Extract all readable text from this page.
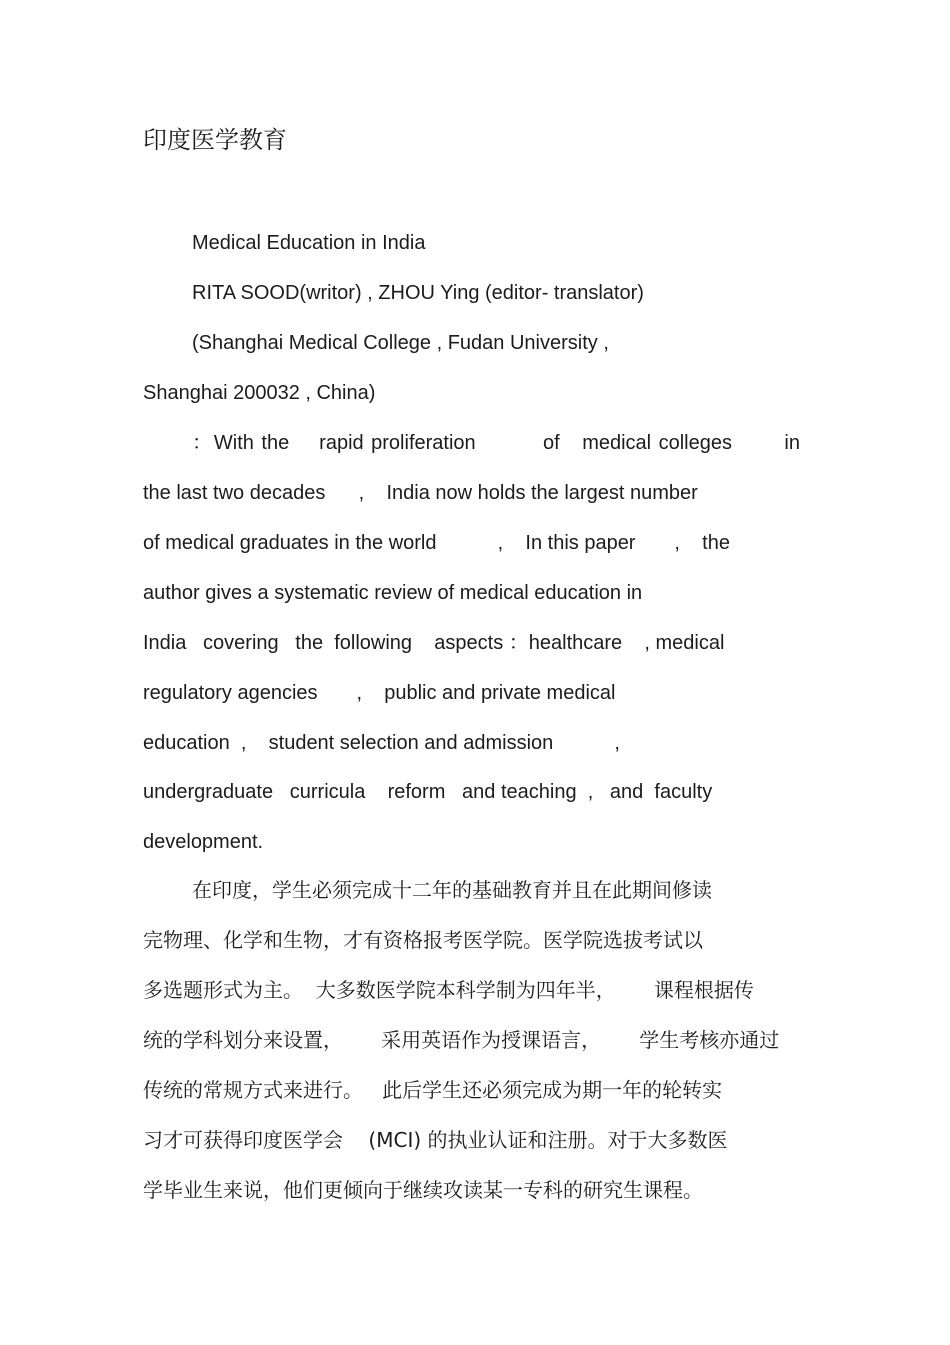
印度医学教育
Medical Education in India
RITA SOOD(writor) , ZHOU Ying (editor- translator)
(Shanghai Medical College , Fudan University ,
Shanghai 200032 , China)
：With the    rapid proliferation         of   medical colleges       in
the last two decades      ,    India now holds the largest number
of medical graduates in the world           ,    In this paper       ,    the
author gives a systematic review of medical education in
India   covering   the  following    aspects ：healthcare    , medical
regulatory agencies       ,    public and private medical
education  ,    student selection and admission           ,
undergraduate   curricula    reform   and teaching  ,   and  faculty
development.
在印度，学生必须完成十二年的基础教育并且在此期间修读
完物理、化学和生物，才有资格报考医学院。医学院选拔考试以
多选题形式为主。  大多数医学院本科学制为四年半，      课程根据传
统的学科划分来设置，      采用英语作为授课语言，      学生考核亦通过
传统的常规方式来进行。   此后学生还必须完成为期一年的轮转实
习才可获得印度医学会    (MCI) 的执业认证和注册。对于大多数医
学毕业生来说，他们更倾向于继续攻读某一专科的研究生课程。
